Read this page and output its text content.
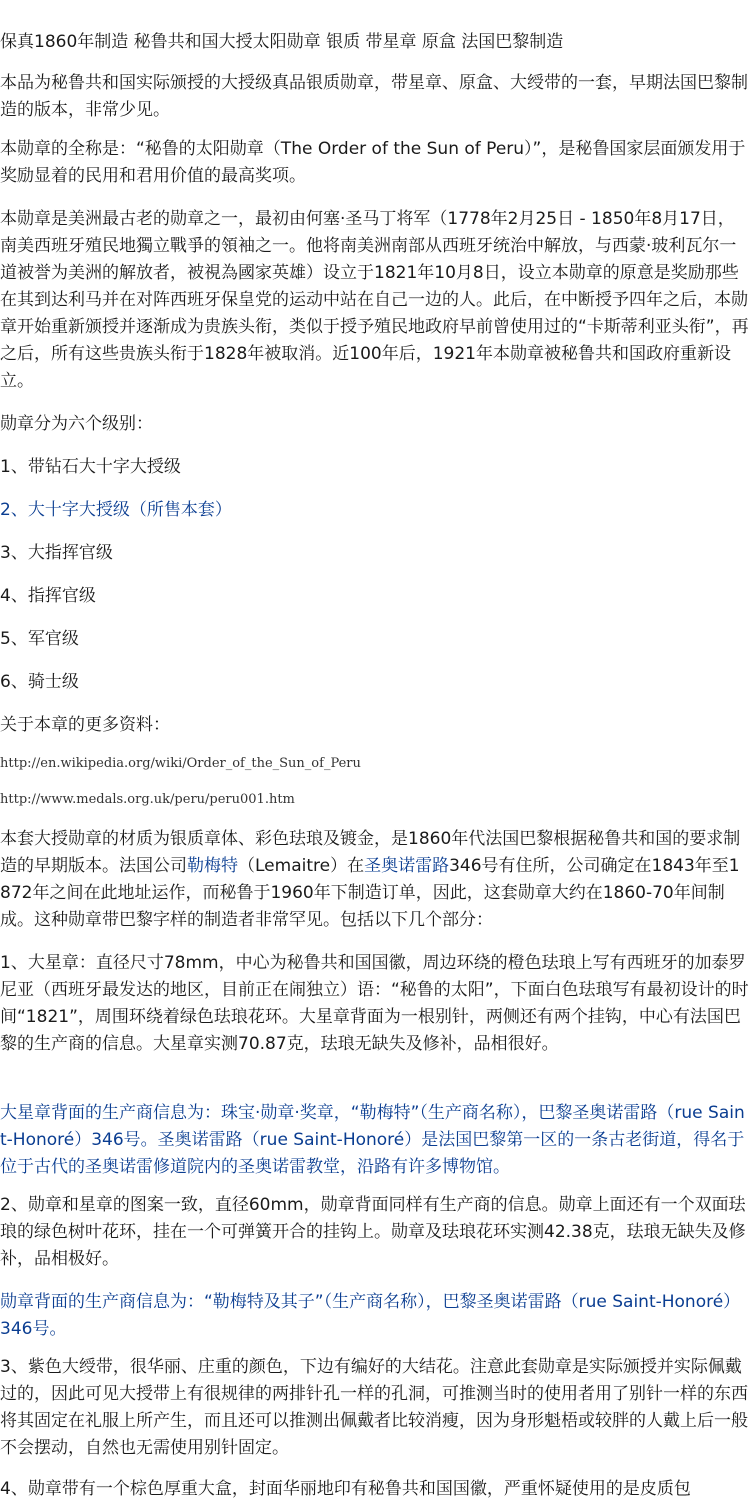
保真1860年制造 秘鲁共和国大授太阳勋章 银质 带星章 原盒 法国巴黎制造

本品为秘鲁共和国实际颁授的大授级真品银质勋章，带星章、原盒、大绶带的一套，早期法国巴黎制造的版本，非常少见。

本勋章的全称是：“秘鲁的太阳勋章（The Order of the Sun of Peru）”，是秘鲁国家层面颁发用于奖励显着的民用和君用价值的最高奖项。

本勋章是美洲最古老的勋章之一，最初由何塞·圣马丁将军（1778年2月25日 - 1850年8月17日，南美西班牙殖民地獨立戰爭的領袖之一。他将南美洲南部从西班牙统治中解放，与西蒙·玻利瓦尔一道被誉为美洲的解放者，被視為國家英雄）设立于1821年10月8日，设立本勋章的原意是奖励那些在其到达利马并在对阵西班牙保皇党的运动中站在自己一边的人。此后，在中断授予四年之后，本勋章开始重新颁授并逐渐成为贵族头衔，类似于授予殖民地政府早前曾使用过的“卡斯蒂利亚头衔”，再之后，所有这些贵族头衔于1828年被取消。近100年后，1921年本勋章被秘鲁共和国政府重新设立。

勋章分为六个级别：

1、带钻石大十字大授级

2、大十字大授级（所售本套）

3、大指挥官级

4、指挥官级

5、军官级

6、骑士级

关于本章的更多资料：

http://en.wikipedia.org/wiki/Order_of_the_Sun_of_Peru

http://www.medals.org.uk/peru/peru001.htm

本套大授勋章的材质为银质章体、彩色珐琅及镀金，是1860年代法国巴黎根据秘鲁共和国的要求制造的早期版本。法国公司勒梅特（Lemaitre）在圣奥诺雷路346号有住所，公司确定在1843年至1872年之间在此地址运作，而秘鲁于1960年下制造订单，因此，这套勋章大约在1860-70年间制成。这种勋章带巴黎字样的制造者非常罕见。包括以下几个部分：

1、大星章：直径尺寸78mm，中心为秘鲁共和国国徽，周边环绕的橙色珐琅上写有西班牙的加泰罗尼亚（西班牙最发达的地区，目前正在闹独立）语：“秘鲁的太阳”，下面白色珐琅写有最初设计的时间“1821”，周围环绕着绿色珐琅花环。大星章背面为一根别针，两侧还有两个挂钩，中心有法国巴黎的生产商的信息。大星章实测70.87克，珐琅无缺失及修补，品相很好。

大星章背面的生产商信息为：珠宝·勋章·奖章，“勒梅特”（生产商名称），巴黎圣奥诺雷路（rue Saint-Honoré）346号。圣奥诺雷路（rue Saint-Honoré）是法国巴黎第一区的一条古老街道，得名于位于古代的圣奥诺雷修道院内的圣奥诺雷教堂，沿路有许多博物馆。

2、勋章和星章的图案一致，直径60mm，勋章背面同样有生产商的信息。勋章上面还有一个双面珐琅的绿色树叶花环，挂在一个可弹簧开合的挂钩上。勋章及珐琅花环实测42.38克，珐琅无缺失及修补，品相极好。

勋章背面的生产商信息为：“勒梅特及其子”（生产商名称），巴黎圣奥诺雷路（rue Saint-Honoré）346号。

3、紫色大绶带，很华丽、庄重的颜色，下边有编好的大结花。注意此套勋章是实际颁授并实际佩戴过的，因此可见大授带上有很规律的两排针孔一样的孔洞，可推测当时的使用者用了别针一样的东西将其固定在礼服上所产生，而且还可以推测出佩戴者比较消瘦，因为身形魁梧或较胖的人戴上后一般不会摆动，自然也无需使用别针固定。

4、勋章带有一个棕色厚重大盒，封面华丽地印有秘鲁共和国国徽，严重怀疑使用的是皮质包
